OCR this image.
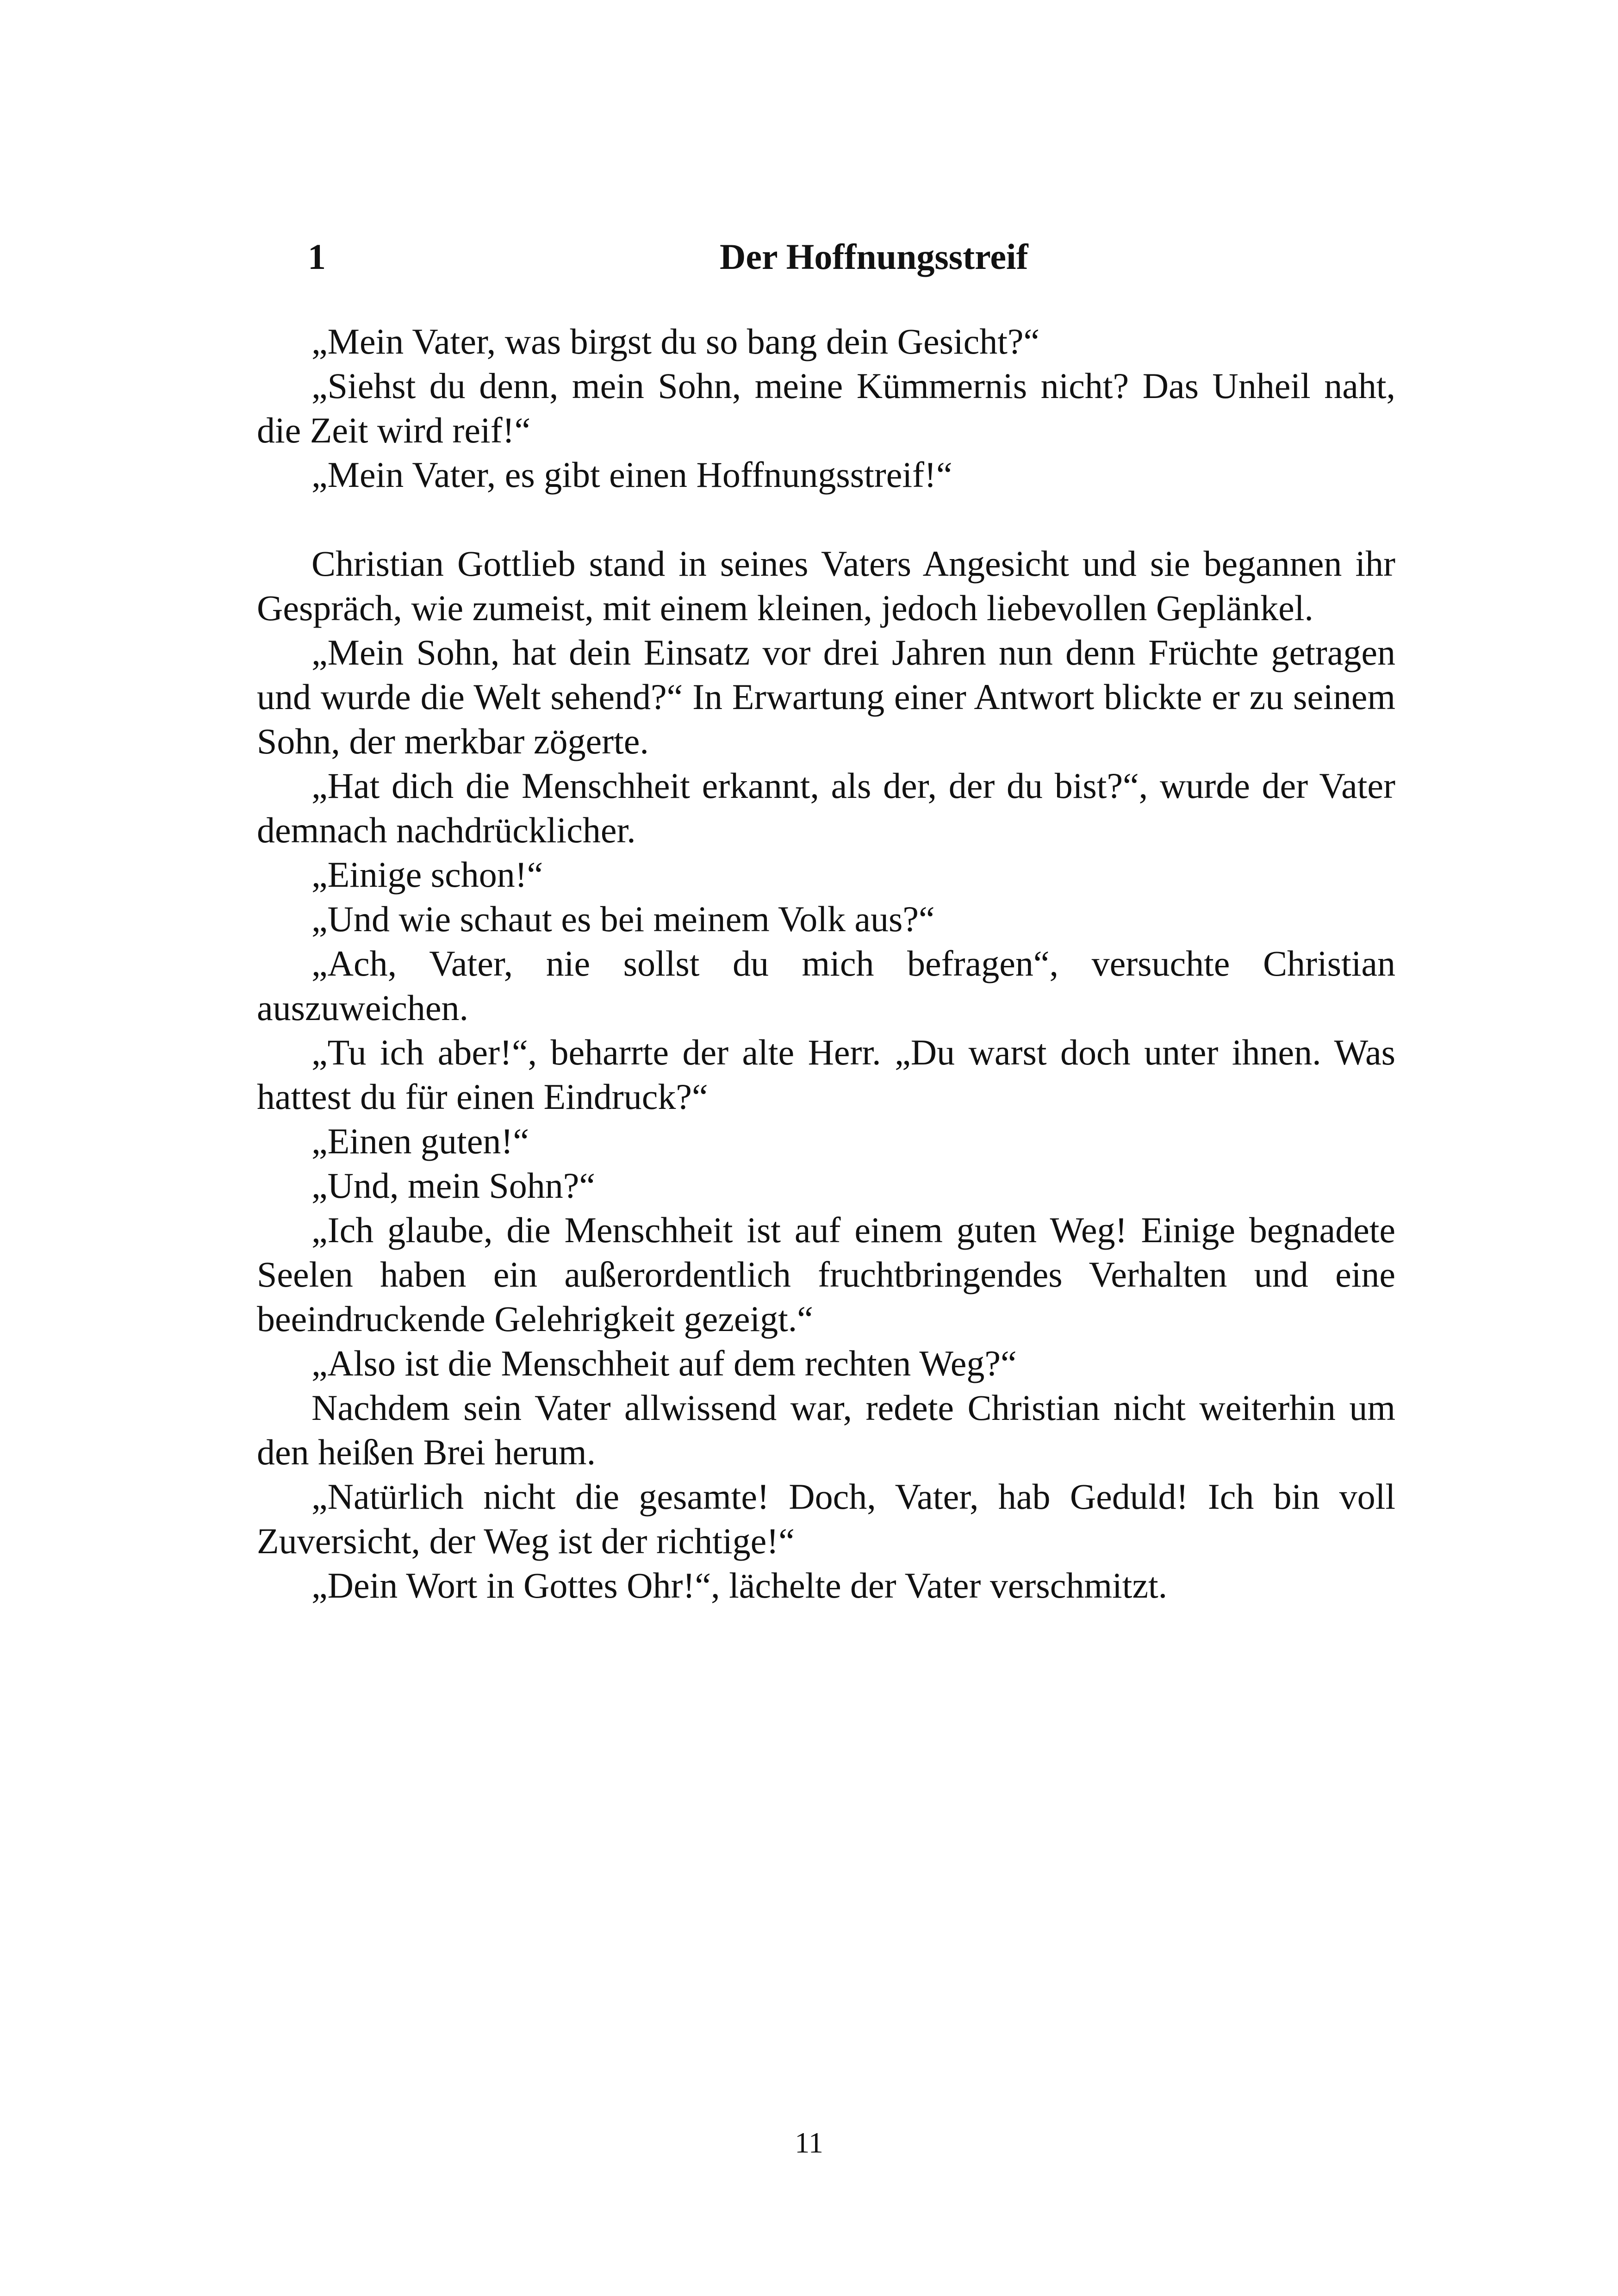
1	Der Hoffnungsstreif

„Mein Vater, was birgst du so bang dein Gesicht?“

„Siehst du denn, mein Sohn, meine Kümmernis nicht? Das Unheil naht, die Zeit wird reif!“

„Mein Vater, es gibt einen Hoffnungsstreif!“

Christian Gottlieb stand in seines Vaters Angesicht und sie begannen ihr Gespräch, wie zumeist, mit einem kleinen, jedoch liebevollen Geplänkel.

„Mein Sohn, hat dein Einsatz vor drei Jahren nun denn Früchte getragen und wurde die Welt sehend?“ In Erwartung einer Antwort blickte er zu seinem Sohn, der merkbar zögerte.

„Hat dich die Menschheit erkannt, als der, der du bist?“, wurde der Vater demnach nachdrücklicher.

„Einige schon!“

„Und wie schaut es bei meinem Volk aus?“

„Ach, Vater, nie sollst du mich befragen“, versuchte Christian auszuweichen.

„Tu ich aber!“, beharrte der alte Herr. „Du warst doch unter ihnen. Was hattest du für einen Eindruck?“

„Einen guten!“

„Und, mein Sohn?“

„Ich glaube, die Menschheit ist auf einem guten Weg! Einige begnadete Seelen haben ein außerordentlich fruchtbringendes Verhalten und eine beeindruckende Gelehrigkeit gezeigt.“

„Also ist die Menschheit auf dem rechten Weg?“

Nachdem sein Vater allwissend war, redete Christian nicht weiterhin um den heißen Brei herum.

„Natürlich nicht die gesamte! Doch, Vater, hab Geduld! Ich bin voll Zuversicht, der Weg ist der richtige!“

„Dein Wort in Gottes Ohr!“, lächelte der Vater verschmitzt.

11
